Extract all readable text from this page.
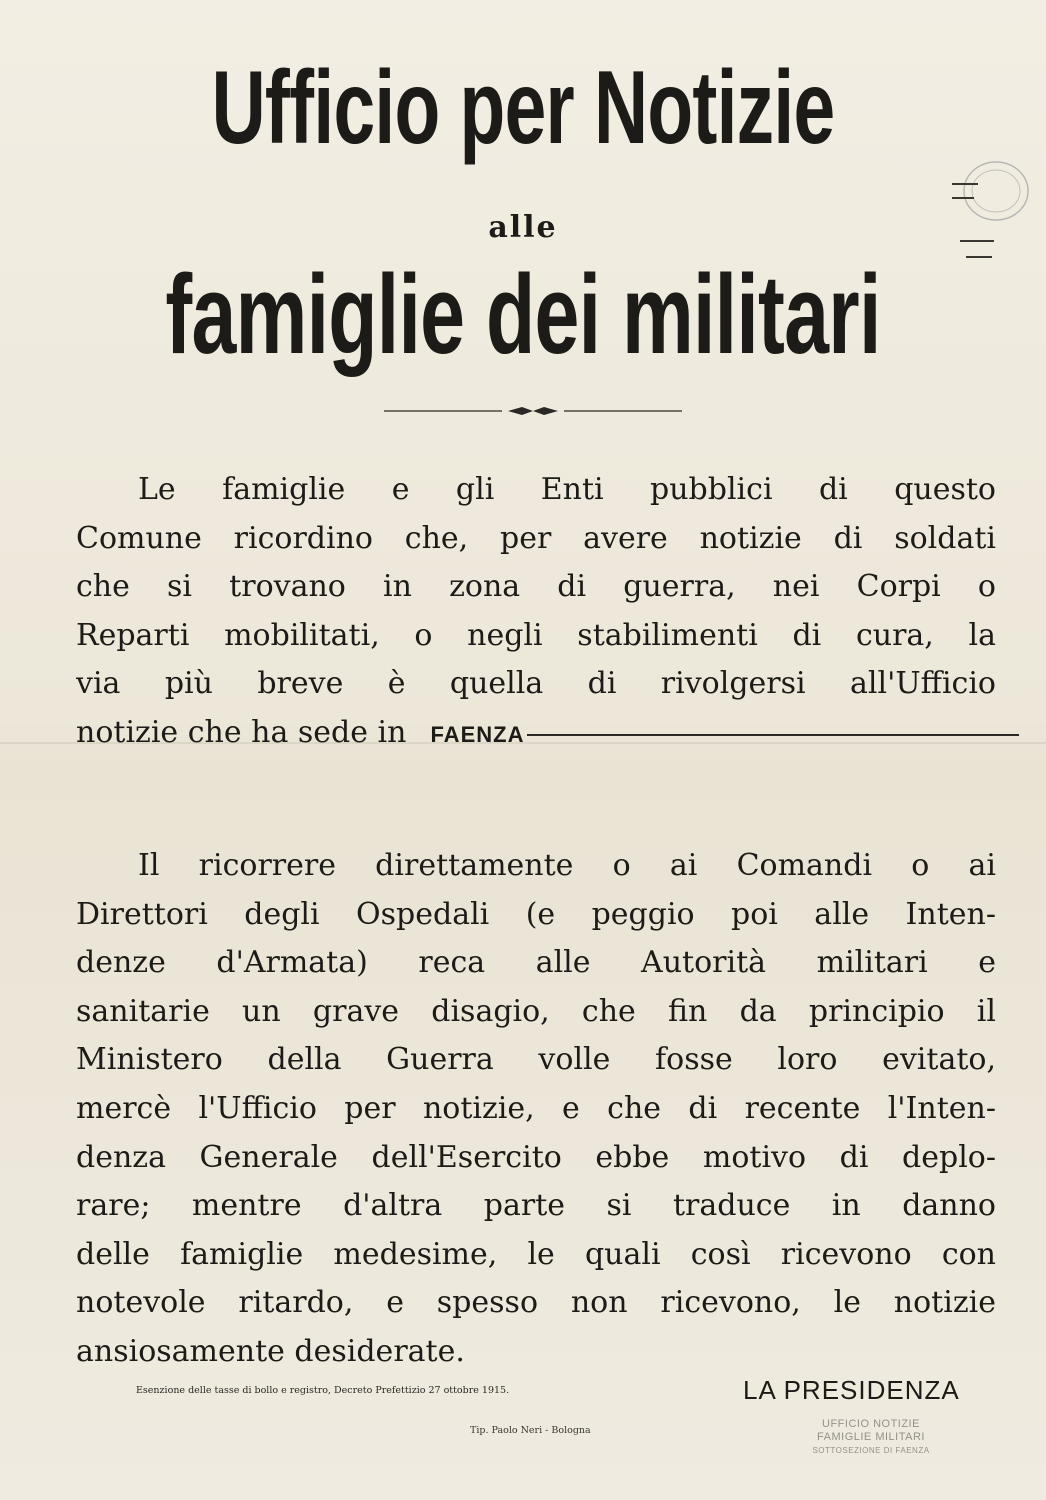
Ufficio per Notizie
alle
famiglie dei militari
Le famiglie e gli Enti pubblici di questo
Comune ricordino che, per avere notizie di soldati
che si trovano in zona di guerra, nei Corpi o
Reparti mobilitati, o negli stabilimenti di cura, la
via più breve è quella di rivolgersi all'Ufficio
notizie che ha sede in FAENZA
Il ricorrere direttamente o ai Comandi o ai
Direttori degli Ospedali (e peggio poi alle Inten-
denze d'Armata) reca alle Autorità militari e
sanitarie un grave disagio, che fin da principio il
Ministero della Guerra volle fosse loro evitato,
mercè l'Ufficio per notizie, e che di recente l'Inten-
denza Generale dell'Esercito ebbe motivo di deplo-
rare; mentre d'altra parte si traduce in danno
delle famiglie medesime, le quali così ricevono con
notevole ritardo, e spesso non ricevono, le notizie
ansiosamente desiderate.
Esenzione delle tasse di bollo e registro, Decreto Prefettizio 27 ottobre 1915.	LA PRESIDENZA
Tip. Paolo Neri - Bologna
UFFICIO NOTIZIE
FAMIGLIE MILITARI
SOTTOSEZIONE DI FAENZA
